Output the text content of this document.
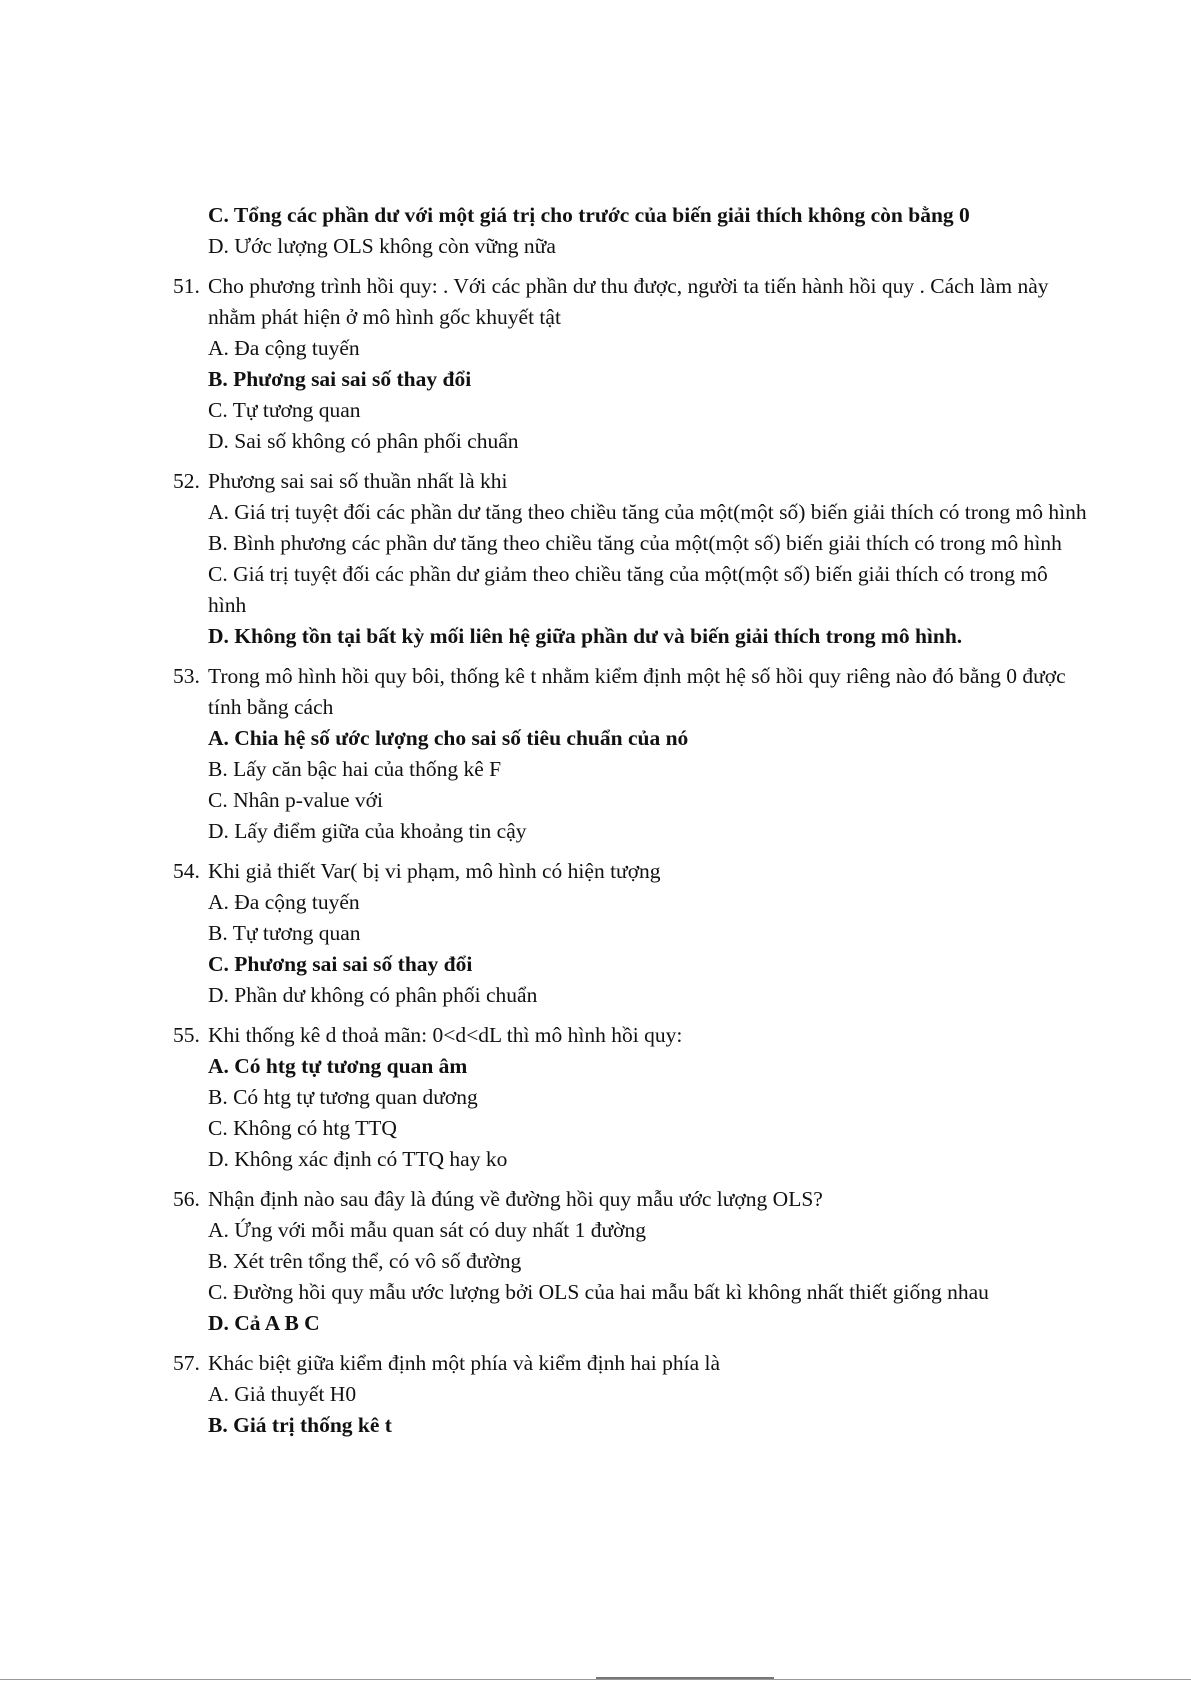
C. Tổng các phần dư với một giá trị cho trước của biến giải thích không còn bằng 0
D. Ước lượng OLS không còn vững nữa
51. Cho phương trình hồi quy: . Với các phần dư thu được, người ta tiến hành hồi quy . Cách làm này nhằm phát hiện ở mô hình gốc khuyết tật
A. Đa cộng tuyến
B. Phương sai sai số thay đổi
C. Tự tương quan
D. Sai số không có phân phối chuẩn
52. Phương sai sai số thuần nhất là khi
A. Giá trị tuyệt đối các phần dư tăng theo chiều tăng của một(một số) biến giải thích có trong mô hình
B. Bình phương các phần dư tăng theo chiều tăng của một(một số) biến giải thích có trong mô hình
C. Giá trị tuyệt đối các phần dư giảm theo chiều tăng của một(một số) biến giải thích có trong mô hình
D. Không tồn tại bất kỳ mối liên hệ giữa phần dư và biến giải thích trong mô hình.
53. Trong mô hình hồi quy bôi, thống kê t nhằm kiểm định một hệ số hồi quy riêng nào đó bằng 0 được tính bằng cách
A. Chia hệ số ước lượng cho sai số tiêu chuẩn của nó
B. Lấy căn bậc hai của thống kê F
C. Nhân p-value với
D. Lấy điểm giữa của khoảng tin cậy
54. Khi giả thiết Var( bị vi phạm, mô hình có hiện tượng
A. Đa cộng tuyến
B. Tự tương quan
C. Phương sai sai số thay đổi
D. Phần dư không có phân phối chuẩn
55. Khi thống kê d thoả mãn: 0<d<dL thì mô hình hồi quy:
A. Có htg tự tương quan âm
B. Có htg tự tương quan dương
C. Không có htg TTQ
D. Không xác định có TTQ hay ko
56. Nhận định nào sau đây là đúng về đường hồi quy mẫu ước lượng OLS?
A. Ứng với mỗi mẫu quan sát có duy nhất 1 đường
B. Xét trên tổng thể, có vô số đường
C. Đường hồi quy mẫu ước lượng bởi OLS của hai mẫu bất kì không nhất thiết giống nhau
D. Cả A B C
57. Khác biệt giữa kiểm định một phía và kiểm định hai phía là
A. Giả thuyết H0
B. Giá trị thống kê t
